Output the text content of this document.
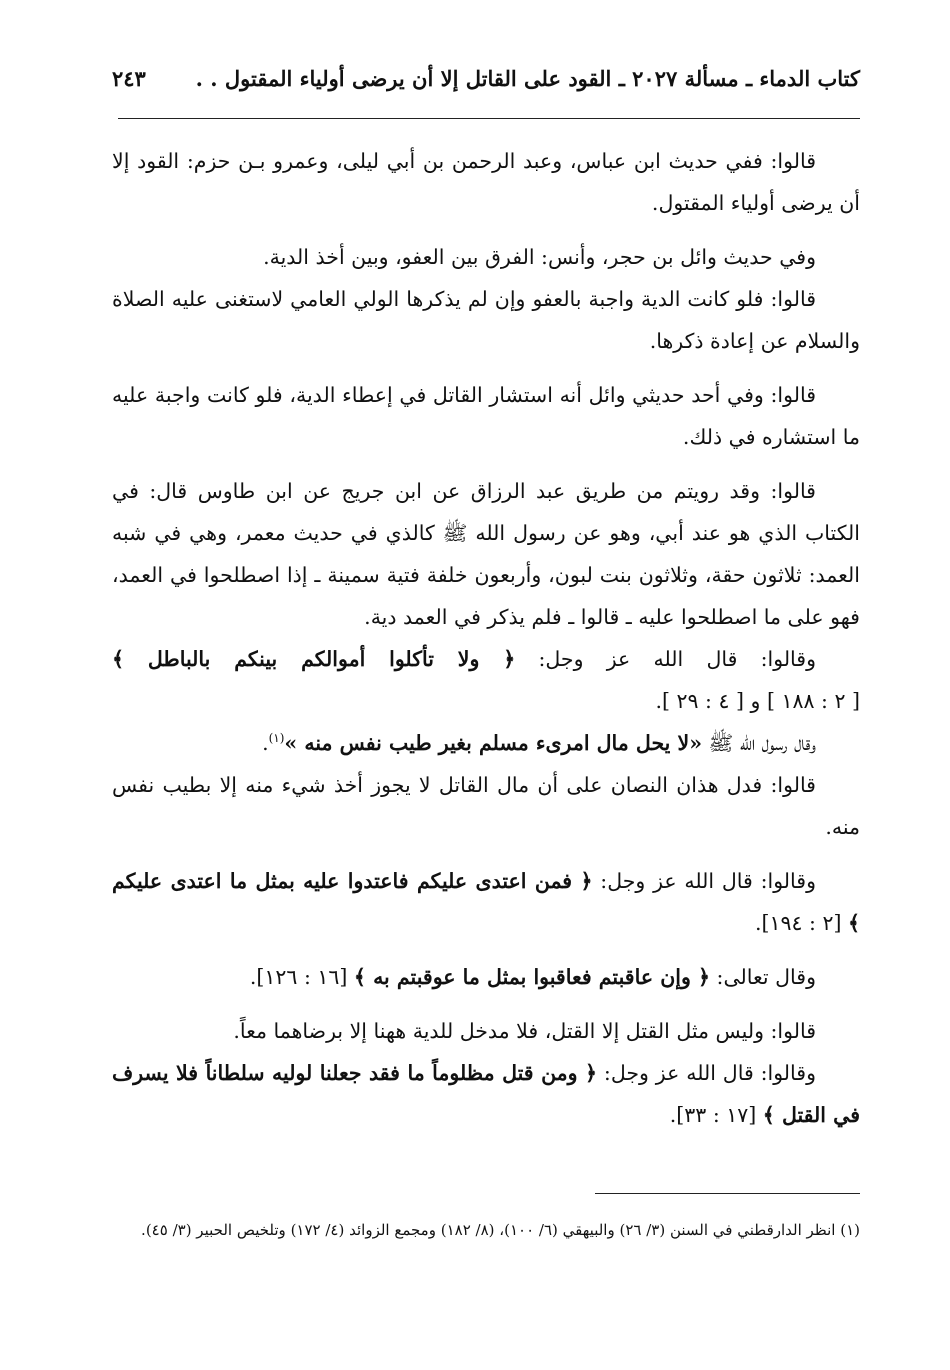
كتاب الدماء ـ مسألة ٢٠٢٧ ـ القود على القاتل إلا أن يرضى أولياء المقتول . .
٢٤٣

قالوا: ففي حديث ابن عباس، وعبد الرحمن بن أبي ليلى، وعمرو بـن حزم: القود إلا أن يرضى أولياء المقتول.

وفي حديث وائل بن حجر، وأنس: الفرق بين العفو، وبين أخذ الدية.

قالوا: فلو كانت الدية واجبة بالعفو وإن لم يذكرها الولي العامي لاستغنى عليه الصلاة والسلام عن إعادة ذكرها.

قالوا: وفي أحد حديثي وائل أنه استشار القاتل في إعطاء الدية، فلو كانت واجبة عليه ما استشاره في ذلك.

قالوا: وقد رويتم من طريق عبد الرزاق عن ابن جريج عن ابن طاوس قال: في الكتاب الذي هو عند أبي، وهو عن رسول الله ﷺ كالذي في حديث معمر، وهي في شبه العمد: ثلاثون حقة، وثلاثون بنت لبون، وأربعون خلفة فتية سمينة ـ إذا اصطلحوا في العمد، فهو على ما اصطلحوا عليه ـ قالوا ـ فلم يذكر في العمد دية.

وقالوا: قال الله عز وجل: ﴿ ولا تأكلوا أموالكم بينكم بالباطل ﴾ [ ٢ : ١٨٨ ] و [ ٤ : ٢٩ ].

وقال رسول الله ﷺ «لا يحل مال امرىء مسلم بغير طيب نفس منه »$^{(١)}$.

قالوا: فدل هذان النصان على أن مال القاتل لا يجوز أخذ شيء منه إلا بطيب نفس منه.

وقالوا: قال الله عز وجل: ﴿ فمن اعتدى عليكم فاعتدوا عليه بمثل ما اعتدى عليكم ﴾ [٢ : ١٩٤].

وقال تعالى: ﴿ وإن عاقبتم فعاقبوا بمثل ما عوقبتم به ﴾ [١٦ : ١٢٦].

قالوا: وليس مثل القتل إلا القتل، فلا مدخل للدية ههنا إلا برضاهما معاً.

وقالوا: قال الله عز وجل: ﴿ ومن قتل مظلوماً ما فقد جعلنا لوليه سلطاناً فلا يسرف في القتل ﴾ [١٧ : ٣٣].

(١) انظر الدارقطني في السنن (٣/ ٢٦) والبيهقي (٦/ ١٠٠)، (٨/ ١٨٢) ومجمع الزوائد (٤/ ١٧٢) وتلخيص الحبير (٣/ ٤٥).
